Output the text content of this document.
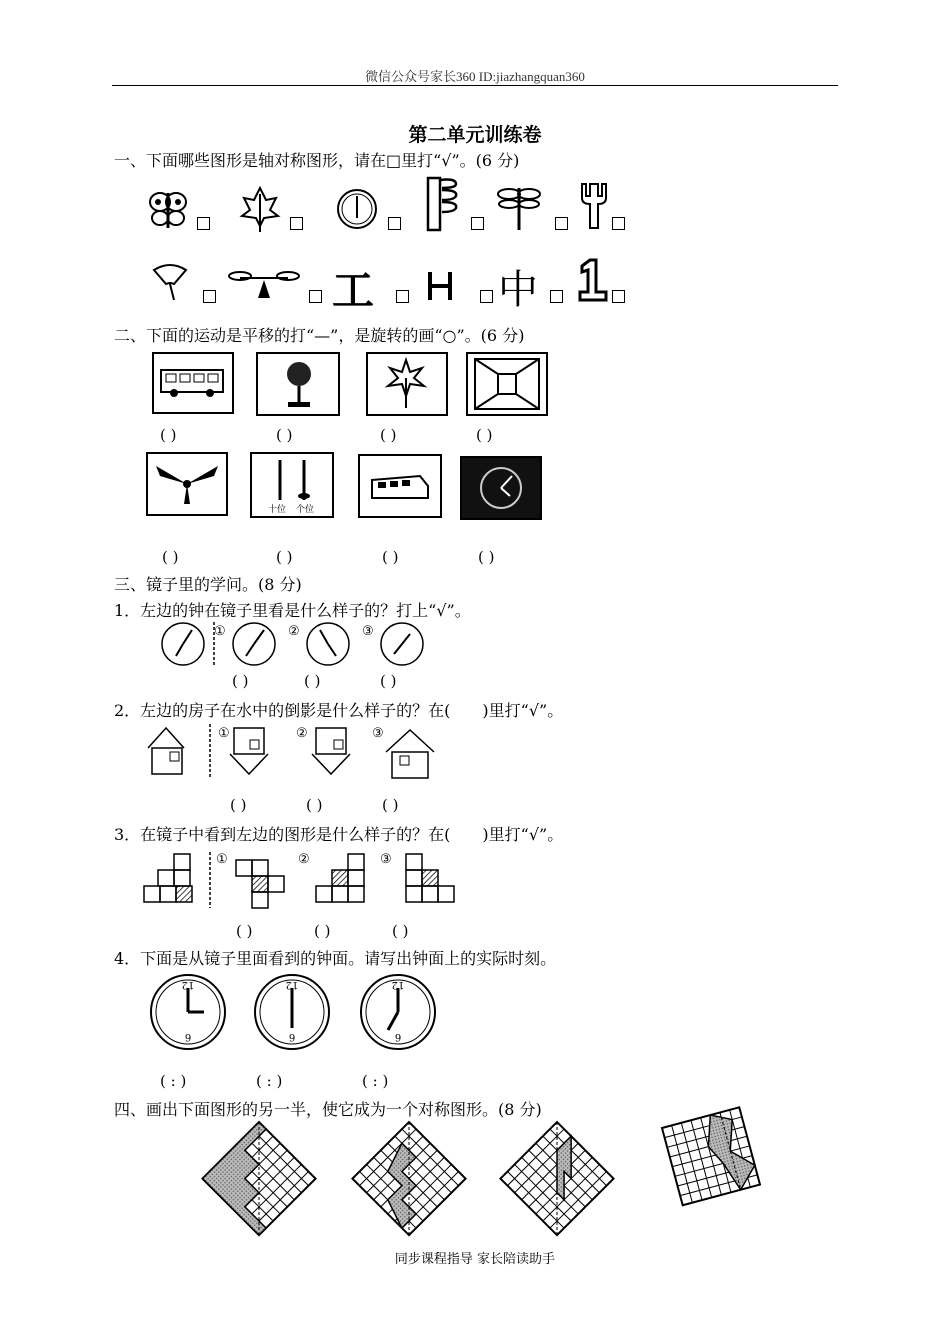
微信公众号家长360 ID:jiazhangquan360
第二单元训练卷
一、下面哪些图形是轴对称图形，请在□里打“√”。(6 分)
工	中
二、下面的运动是平移的打“—”，是旋转的画“○”。(6 分)
( )	( )	( )	( )
十位 个位
( )	( )	( )	( )
三、镜子里的学问。(8 分)
1．左边的钟在镜子里看是什么样子的？打上“√”。
①	②	③
( )	( )	( )
2．左边的房子在水中的倒影是什么样子的？在(　　)里打“√”。
①	②	③
( )	( )	( )
3．在镜子中看到左边的图形是什么样子的？在(　　)里打“√”。
①	②	③
( )	( )	( )
4．下面是从镜子里面看到的钟面。请写出钟面上的实际时刻。
12
6
12
6
12
6
( : )	( : )	( : )
四、画出下面图形的另一半，使它成为一个对称图形。(8 分)
同步课程指导 家长陪读助手
